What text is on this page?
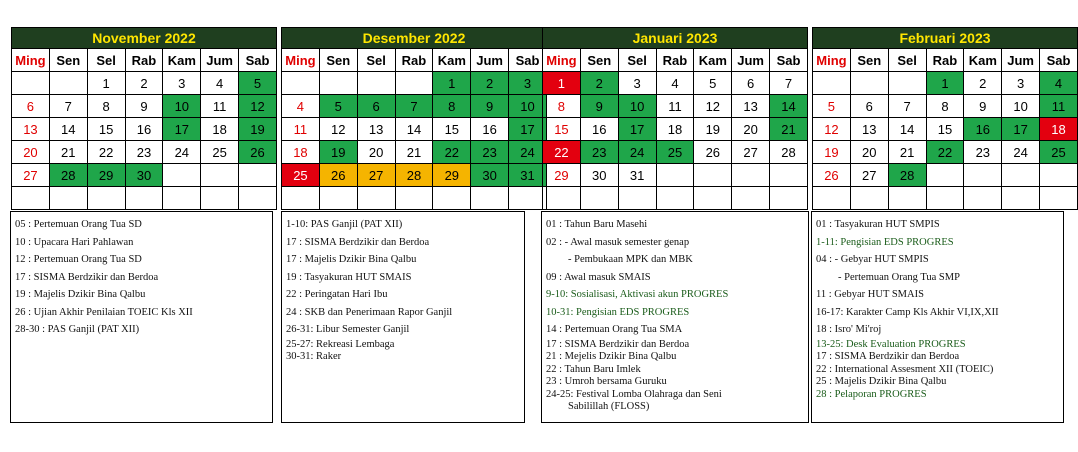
November 2022						
Ming	Sen	Sel	Rab	Kam	Jum	Sab
		1	2	3	4	5
6	7	8	9	10	11	12
13	14	15	16	17	18	19
20	21	22	23	24	25	26
27	28	29	30			

Desember 2022						
Ming	Sen	Sel	Rab	Kam	Jum	Sab
				1	2	3
4	5	6	7	8	9	10
11	12	13	14	15	16	17
18	19	20	21	22	23	24
25	26	27	28	29	30	31

Januari 2023						
Ming	Sen	Sel	Rab	Kam	Jum	Sab
1	2	3	4	5	6	7
8	9	10	11	12	13	14
15	16	17	18	19	20	21
22	23	24	25	26	27	28
29	30	31				

Februari 2023						
Ming	Sen	Sel	Rab	Kam	Jum	Sab
			1	2	3	4
5	6	7	8	9	10	11
12	13	14	15	16	17	18
19	20	21	22	23	24	25
26	27	28				

05 : Pertemuan Orang Tua SD
10 : Upacara Hari Pahlawan
12 : Pertemuan Orang Tua SD
17 : SISMA Berdzikir dan Berdoa
19 : Majelis Dzikir Bina Qalbu
26 : Ujian Akhir Penilaian TOEIC Kls XII
28-30 : PAS Ganjil (PAT XII)
1-10: PAS Ganjil (PAT XII)
17 : SISMA Berdzikir dan Berdoa
17 : Majelis Dzikir Bina Qalbu
19 : Tasyakuran HUT SMAIS
22 : Peringatan Hari Ibu
24 : SKB dan Penerimaan Rapor Ganjil
26-31: Libur Semester Ganjil
25-27: Rekreasi Lembaga
30-31: Raker
01 : Tahun Baru Masehi
02 : - Awal masuk semester genap
- Pembukaan MPK dan MBK
09 : Awal masuk SMAIS
9-10: Sosialisasi, Aktivasi akun PROGRES
10-31: Pengisian EDS PROGRES
14 : Pertemuan Orang Tua SMA
17 : SISMA Berdzikir dan Berdoa
21 : Mejelis Dzikir Bina Qalbu
22 : Tahun Baru Imlek
23 : Umroh bersama Guruku
24-25: Festival Lomba Olahraga dan Seni
Sabilillah (FLOSS)
01 : Tasyakuran HUT SMPIS
1-11: Pengisian EDS PROGRES
04 : - Gebyar HUT SMPIS
- Pertemuan Orang Tua SMP
11 : Gebyar HUT SMAIS
16-17: Karakter Camp Kls Akhir VI,IX,XII
18 : Isro' Mi'roj
13-25: Desk Evaluation PROGRES
17 : SISMA Berdzikir dan Berdoa
22 : International Assesment XII (TOEIC)
25 : Majelis Dzikir Bina Qalbu
28 : Pelaporan PROGRES
